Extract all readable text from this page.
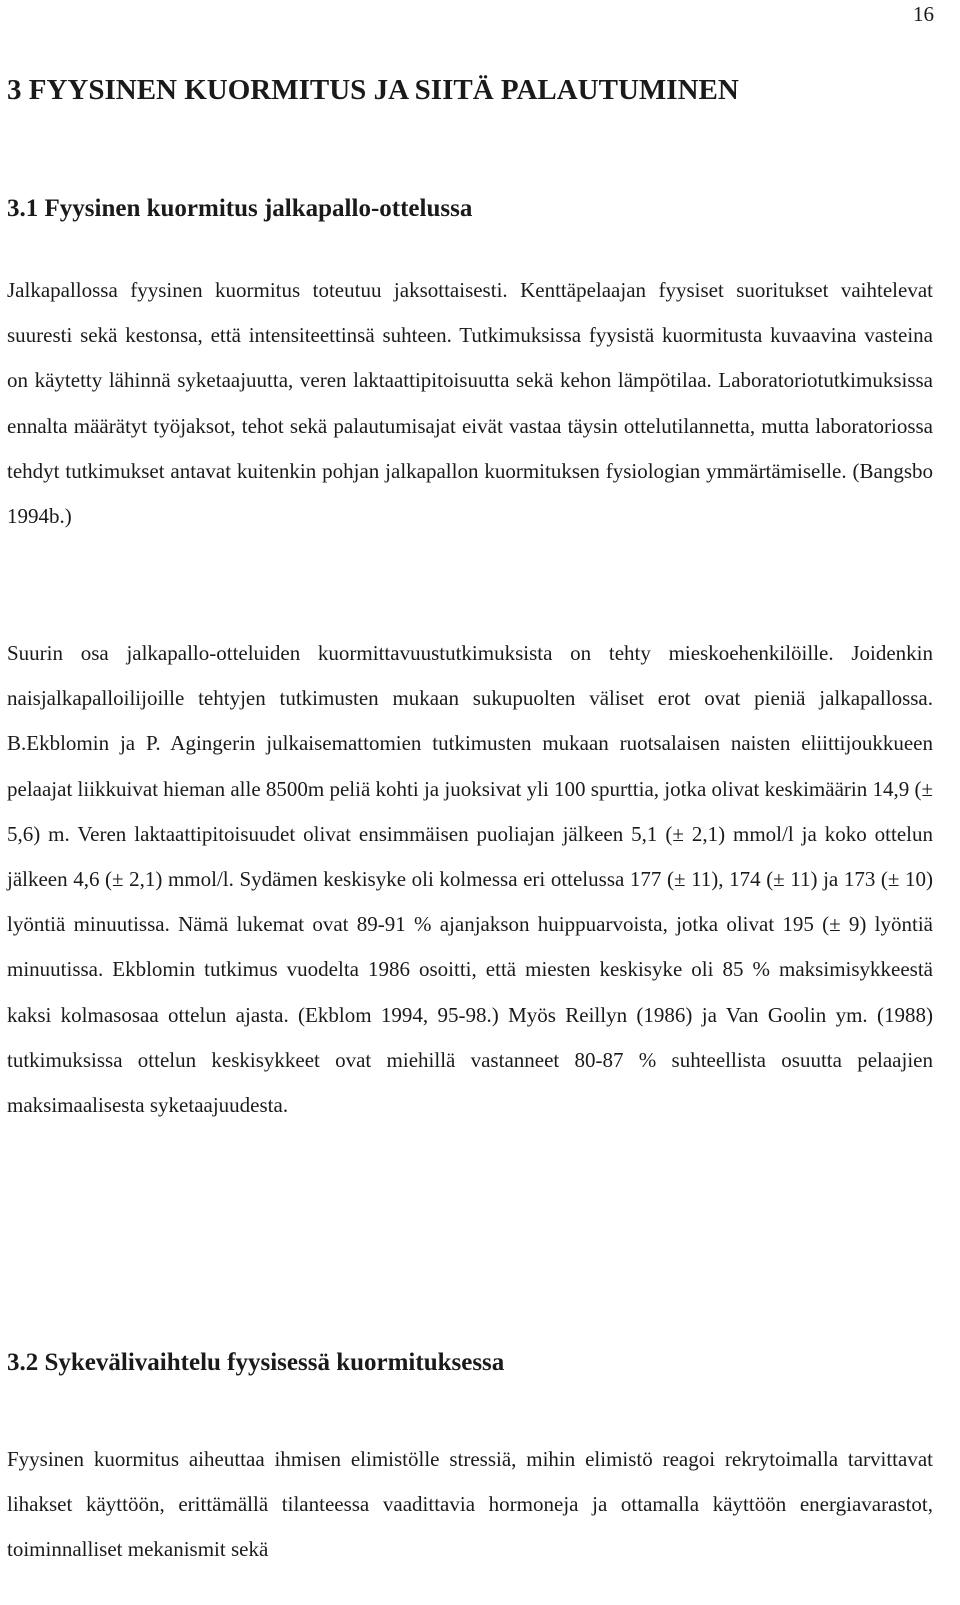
16
3 FYYSINEN KUORMITUS JA SIITÄ PALAUTUMINEN
3.1 Fyysinen kuormitus jalkapallo-ottelussa

Jalkapallossa fyysinen kuormitus toteutuu jaksottaisesti. Kenttäpelaajan fyysiset suoritukset vaihtelevat suuresti sekä kestonsa, että intensiteettinsä suhteen. Tutkimuksissa fyysistä kuormitusta kuvaavina vasteina on käytetty lähinnä syketaajuutta, veren laktaattipitoisuutta sekä kehon lämpötilaa. Laboratoriotutkimuksissa ennalta määrätyt työjaksot, tehot sekä palautumisajat eivät vastaa täysin ottelutilannetta, mutta laboratoriossa tehdyt tutkimukset antavat kuitenkin pohjan jalkapallon kuormituksen fysiologian ymmärtämiselle. (Bangsbo 1994b.)

Suurin osa jalkapallo-otteluiden kuormittavuustutkimuksista on tehty mieskoehenkilöille. Joidenkin naisjalkapalloilijoille tehtyjen tutkimusten mukaan sukupuolten väliset erot ovat pieniä jalkapallossa. B.Ekblomin ja P. Agingerin julkaisemattomien tutkimusten mukaan ruotsalaisen naisten eliittijoukkueen pelaajat liikkuivat hieman alle 8500m peliä kohti ja juoksivat yli 100 spurttia, jotka olivat keskimäärin 14,9 (± 5,6) m. Veren laktaattipitoisuudet olivat ensimmäisen puoliajan jälkeen 5,1 (± 2,1) mmol/l ja koko ottelun jälkeen 4,6 (± 2,1) mmol/l. Sydämen keskisyke oli kolmessa eri ottelussa 177 (± 11), 174 (± 11) ja 173 (± 10) lyöntiä minuutissa. Nämä lukemat ovat 89-91 % ajanjakson huippuarvoista, jotka olivat 195 (± 9) lyöntiä minuutissa. Ekblomin tutkimus vuodelta 1986 osoitti, että miesten keskisyke oli 85 % maksimisykkeestä kaksi kolmasosaa ottelun ajasta. (Ekblom 1994, 95-98.) Myös Reillyn (1986) ja Van Goolin ym. (1988) tutkimuksissa ottelun keskisykkeet ovat miehillä vastanneet 80-87 % suhteellista osuutta pelaajien maksimaalisesta syketaajuudesta.

3.2 Sykevälivaihtelu fyysisessä kuormituksessa

Fyysinen kuormitus aiheuttaa ihmisen elimistölle stressiä, mihin elimistö reagoi rekrytoimalla tarvittavat lihakset käyttöön, erittämällä tilanteessa vaadittavia hormoneja ja ottamalla käyttöön energiavarastot, toiminnalliset mekanismit sekä
